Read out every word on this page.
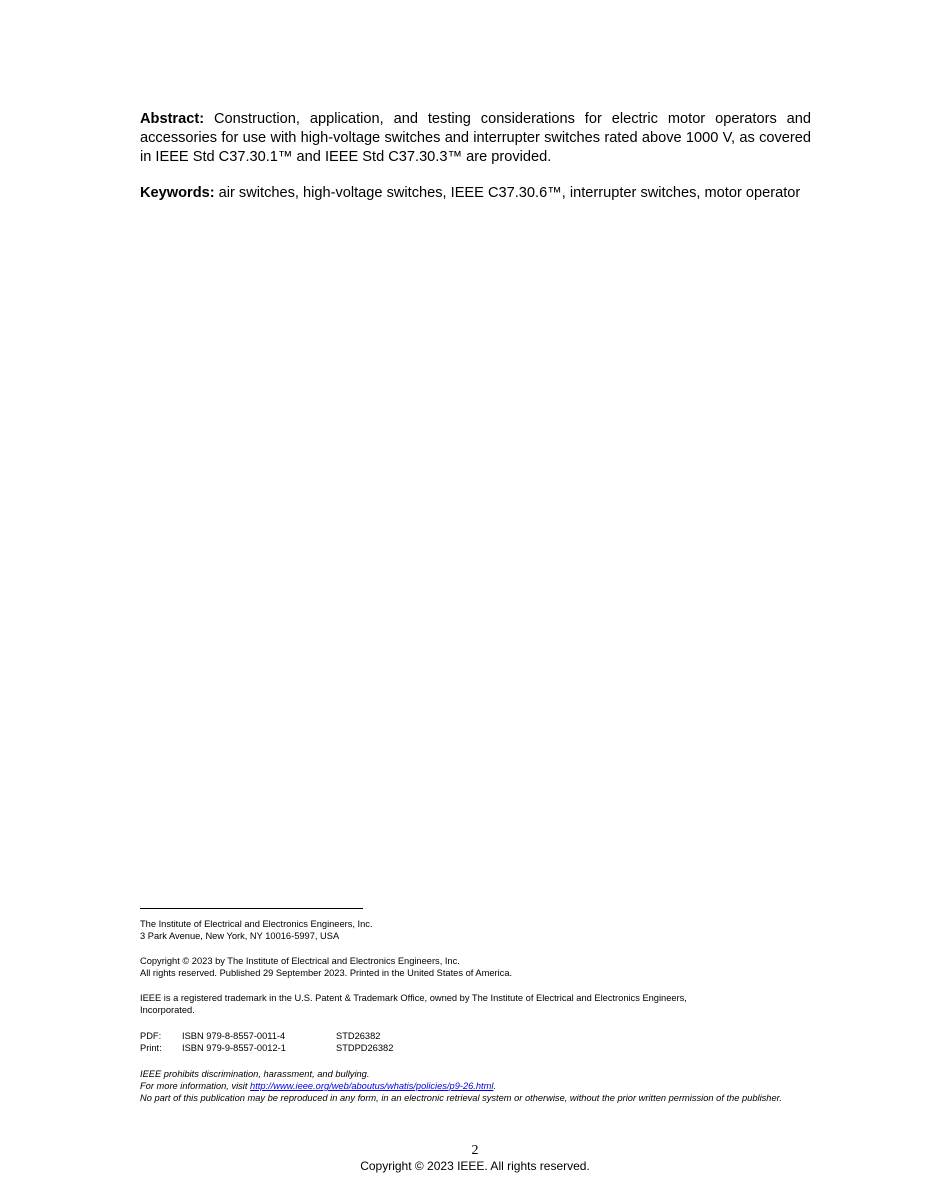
Abstract: Construction, application, and testing considerations for electric motor operators and accessories for use with high-voltage switches and interrupter switches rated above 1000 V, as covered in IEEE Std C37.30.1™ and IEEE Std C37.30.3™ are provided.

Keywords: air switches, high-voltage switches, IEEE C37.30.6™, interrupter switches, motor operator

The Institute of Electrical and Electronics Engineers, Inc.
3 Park Avenue, New York, NY 10016-5997, USA

Copyright © 2023 by The Institute of Electrical and Electronics Engineers, Inc.
All rights reserved. Published 29 September 2023. Printed in the United States of America.

IEEE is a registered trademark in the U.S. Patent & Trademark Office, owned by The Institute of Electrical and Electronics Engineers, Incorporated.

PDF:	ISBN 979-8-8557-0011-4	STD26382
Print:	ISBN 979-9-8557-0012-1	STDPD26382

IEEE prohibits discrimination, harassment, and bullying.
For more information, visit http://www.ieee.org/web/aboutus/whatis/policies/p9-26.html.
No part of this publication may be reproduced in any form, in an electronic retrieval system or otherwise, without the prior written permission of the publisher.

2
Copyright © 2023 IEEE. All rights reserved.
